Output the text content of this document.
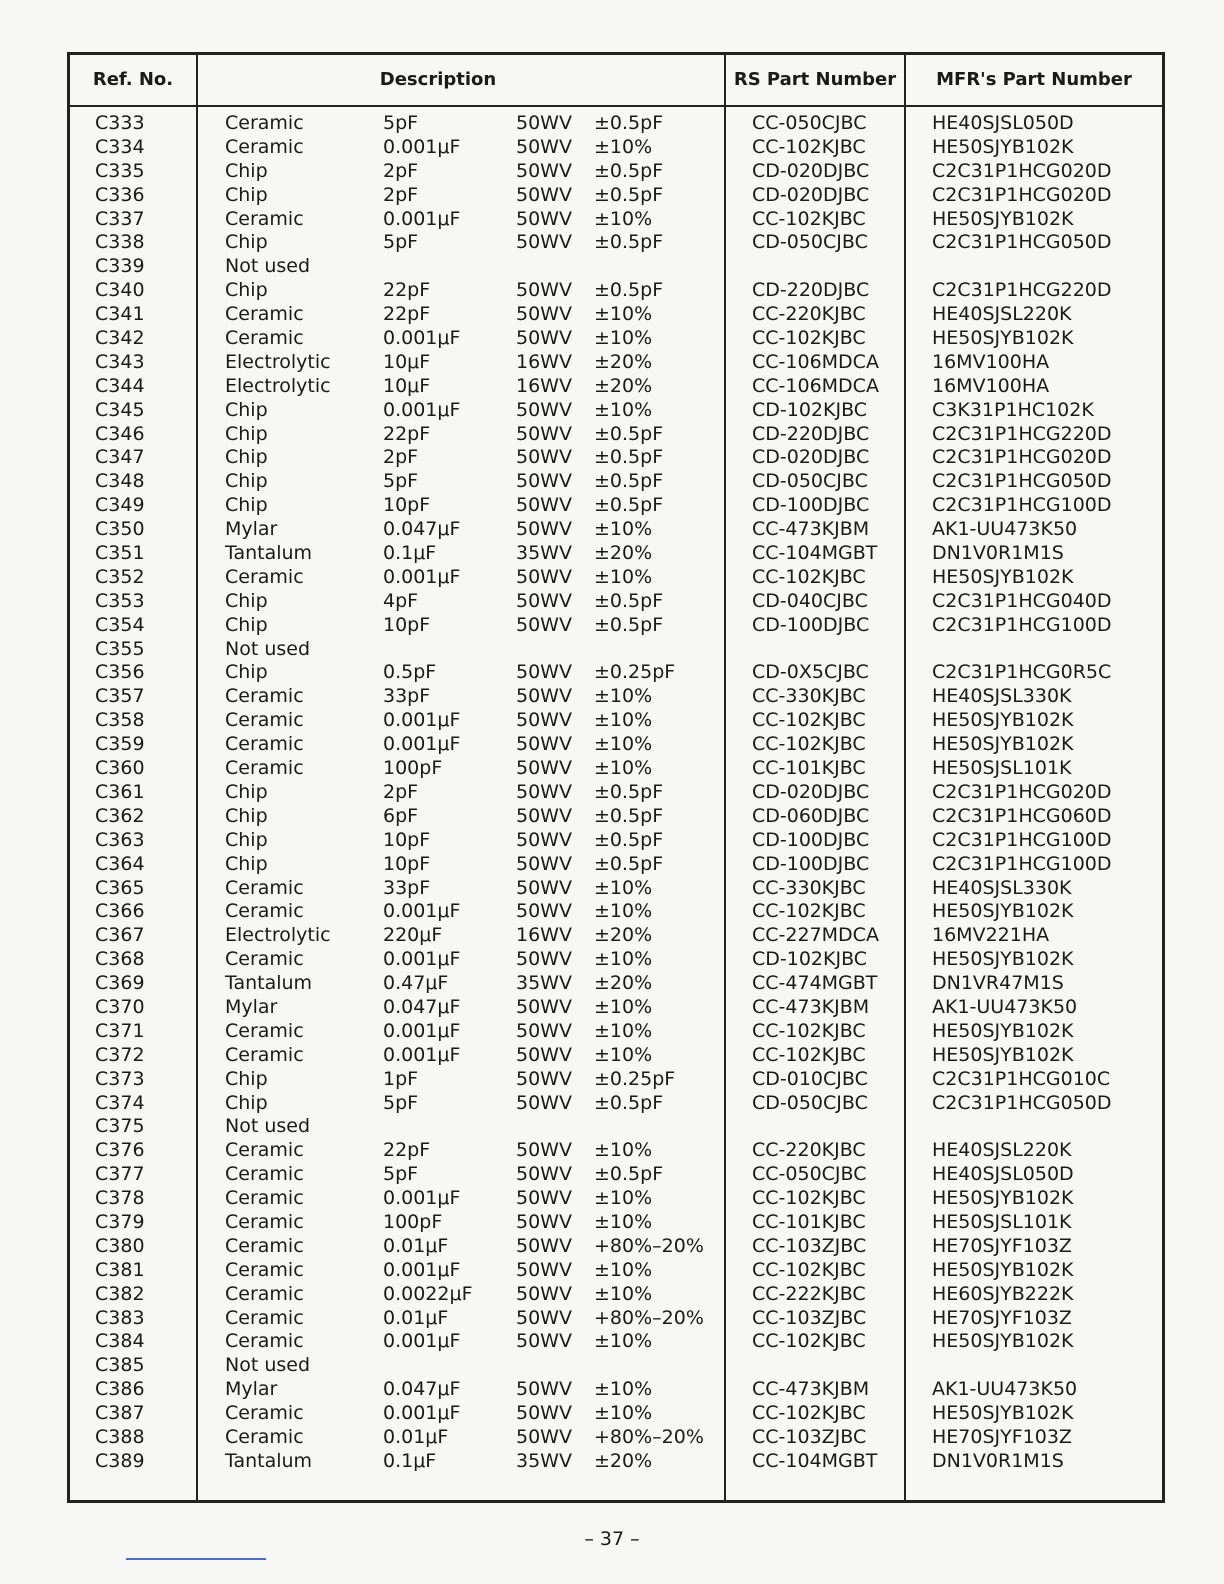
Ref. No.	Description	RS Part Number	MFR's Part Number
C333	Ceramic	5pF	50WV ±0.5pF	CC-050CJBC	HE40SJSL050D
C334	Ceramic	0.001μF	50WV ±10%	CC-102KJBC	HE50SJYB102K
C335	Chip	2pF	50WV ±0.5pF	CD-020DJBC	C2C31P1HCG020D
C336	Chip	2pF	50WV ±0.5pF	CD-020DJBC	C2C31P1HCG020D
C337	Ceramic	0.001μF	50WV ±10%	CC-102KJBC	HE50SJYB102K
C338	Chip	5pF	50WV ±0.5pF	CD-050CJBC	C2C31P1HCG050D
C339	Not used
C340	Chip	22pF	50WV ±0.5pF	CD-220DJBC	C2C31P1HCG220D
C341	Ceramic	22pF	50WV ±10%	CC-220KJBC	HE40SJSL220K
C342	Ceramic	0.001μF	50WV ±10%	CC-102KJBC	HE50SJYB102K
C343	Electrolytic	10μF	16WV ±20%	CC-106MDCA	16MV100HA
C344	Electrolytic	10μF	16WV ±20%	CC-106MDCA	16MV100HA
C345	Chip	0.001μF	50WV ±10%	CD-102KJBC	C3K31P1HC102K
C346	Chip	22pF	50WV ±0.5pF	CD-220DJBC	C2C31P1HCG220D
C347	Chip	2pF	50WV ±0.5pF	CD-020DJBC	C2C31P1HCG020D
C348	Chip	5pF	50WV ±0.5pF	CD-050CJBC	C2C31P1HCG050D
C349	Chip	10pF	50WV ±0.5pF	CD-100DJBC	C2C31P1HCG100D
C350	Mylar	0.047μF	50WV ±10%	CC-473KJBM	AK1-UU473K50
C351	Tantalum	0.1μF	35WV ±20%	CC-104MGBT	DN1V0R1M1S
C352	Ceramic	0.001μF	50WV ±10%	CC-102KJBC	HE50SJYB102K
C353	Chip	4pF	50WV ±0.5pF	CD-040CJBC	C2C31P1HCG040D
C354	Chip	10pF	50WV ±0.5pF	CD-100DJBC	C2C31P1HCG100D
C355	Not used
C356	Chip	0.5pF	50WV ±0.25pF	CD-0X5CJBC	C2C31P1HCG0R5C
C357	Ceramic	33pF	50WV ±10%	CC-330KJBC	HE40SJSL330K
C358	Ceramic	0.001μF	50WV ±10%	CC-102KJBC	HE50SJYB102K
C359	Ceramic	0.001μF	50WV ±10%	CC-102KJBC	HE50SJYB102K
C360	Ceramic	100pF	50WV ±10%	CC-101KJBC	HE50SJSL101K
C361	Chip	2pF	50WV ±0.5pF	CD-020DJBC	C2C31P1HCG020D
C362	Chip	6pF	50WV ±0.5pF	CD-060DJBC	C2C31P1HCG060D
C363	Chip	10pF	50WV ±0.5pF	CD-100DJBC	C2C31P1HCG100D
C364	Chip	10pF	50WV ±0.5pF	CD-100DJBC	C2C31P1HCG100D
C365	Ceramic	33pF	50WV ±10%	CC-330KJBC	HE40SJSL330K
C366	Ceramic	0.001μF	50WV ±10%	CC-102KJBC	HE50SJYB102K
C367	Electrolytic	220μF	16WV ±20%	CC-227MDCA	16MV221HA
C368	Ceramic	0.001μF	50WV ±10%	CD-102KJBC	HE50SJYB102K
C369	Tantalum	0.47μF	35WV ±20%	CC-474MGBT	DN1VR47M1S
C370	Mylar	0.047μF	50WV ±10%	CC-473KJBM	AK1-UU473K50
C371	Ceramic	0.001μF	50WV ±10%	CC-102KJBC	HE50SJYB102K
C372	Ceramic	0.001μF	50WV ±10%	CC-102KJBC	HE50SJYB102K
C373	Chip	1pF	50WV ±0.25pF	CD-010CJBC	C2C31P1HCG010C
C374	Chip	5pF	50WV ±0.5pF	CD-050CJBC	C2C31P1HCG050D
C375	Not used
C376	Ceramic	22pF	50WV ±10%	CC-220KJBC	HE40SJSL220K
C377	Ceramic	5pF	50WV ±0.5pF	CC-050CJBC	HE40SJSL050D
C378	Ceramic	0.001μF	50WV ±10%	CC-102KJBC	HE50SJYB102K
C379	Ceramic	100pF	50WV ±10%	CC-101KJBC	HE50SJSL101K
C380	Ceramic	0.01μF	50WV +80%–20%	CC-103ZJBC	HE70SJYF103Z
C381	Ceramic	0.001μF	50WV ±10%	CC-102KJBC	HE50SJYB102K
C382	Ceramic	0.0022μF 50WV ±10%	CC-222KJBC	HE60SJYB222K
C383	Ceramic	0.01μF	50WV +80%–20%	CC-103ZJBC	HE70SJYF103Z
C384	Ceramic	0.001μF	50WV ±10%	CC-102KJBC	HE50SJYB102K
C385	Not used
C386	Mylar	0.047μF	50WV ±10%	CC-473KJBM	AK1-UU473K50
C387	Ceramic	0.001μF	50WV ±10%	CC-102KJBC	HE50SJYB102K
C388	Ceramic	0.01μF	50WV +80%–20%	CC-103ZJBC	HE70SJYF103Z
C389	Tantalum	0.1μF	35WV ±20%	CC-104MGBT	DN1V0R1M1S
– 37 –
